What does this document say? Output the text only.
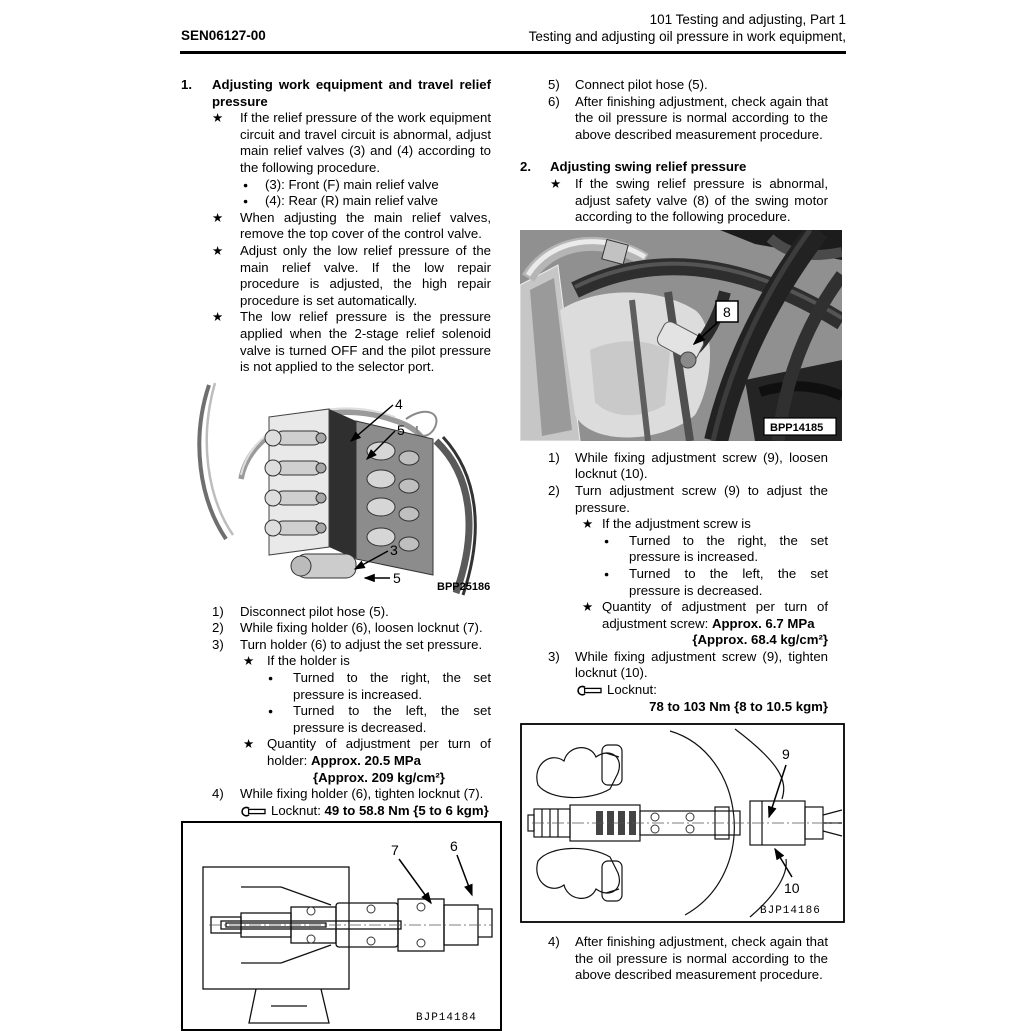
SEN06127-00
101 Testing and adjusting, Part 1
Testing and adjusting oil pressure in work equipment,
1.	Adjusting work equipment and travel relief pressure
★	If the relief pressure of the work equipment circuit and travel circuit is abnormal, adjust main relief valves (3) and (4) according to the following procedure.
●	(3): Front (F) main relief valve
●	(4): Rear (R) main relief valve
★	When adjusting the main relief valves, remove the top cover of the control valve.
★	Adjust only the low relief pressure of the main relief valve. If the low repair procedure is adjusted, the high repair procedure is set automatically.
★	The low relief pressure is the pressure applied when the 2-stage relief solenoid valve is turned OFF and the pilot pressure is not applied to the selector port.
4
5
3
5
BPP25186
1)	Disconnect pilot hose (5).
2)	While fixing holder (6), loosen locknut (7).
3)	Turn holder (6) to adjust the set pressure.
★ If the holder is
●	Turned to the right, the set pressure is increased.
●	Turned to the left, the set pressure is decreased.
★ Quantity of adjustment per turn of holder: Approx. 20.5 MPa
{Approx. 209 kg/cm²}
4)	While fixing holder (6), tighten locknut (7).
Locknut: 49 to 58.8 Nm {5 to 6 kgm}
7	6
BJP14184
5)	Connect pilot hose (5).
6)	After finishing adjustment, check again that the oil pressure is normal according to the above described measurement procedure.
2.	Adjusting swing relief pressure
★	If the swing relief pressure is abnormal, adjust safety valve (8) of the swing motor according to the following procedure.
8
BPP14185
1)	While fixing adjustment screw (9), loosen locknut (10).
2)	Turn adjustment screw (9) to adjust the pressure.
★ If the adjustment screw is
●	Turned to the right, the set pressure is increased.
●	Turned to the left, the set pressure is decreased.
★ Quantity of adjustment per turn of adjustment screw: Approx. 6.7 MPa
{Approx. 68.4 kg/cm²}
3)	While fixing adjustment screw (9), tighten locknut (10).
Locknut:
78 to 103 Nm {8 to 10.5 kgm}
9
10
BJP14186
4)	After finishing adjustment, check again that the oil pressure is normal according to the above described measurement procedure.
